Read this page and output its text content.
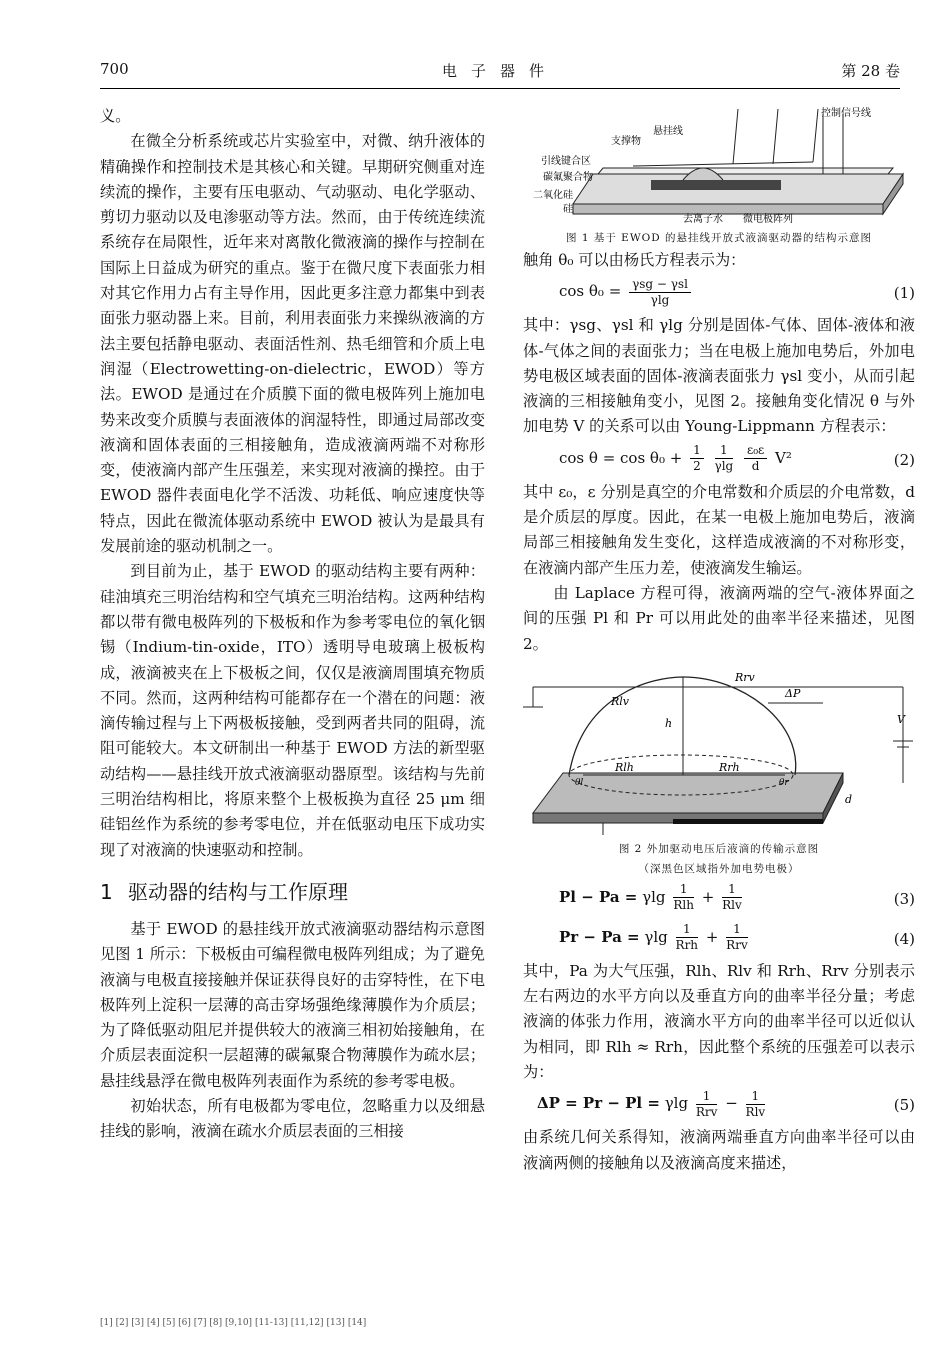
700	电子器件	第 28 卷

义。

在微全分析系统或芯片实验室中，对微、纳升液体的精确操作和控制技术是其核心和关键。早期研究侧重对连续流的操作，主要有压电驱动、气动驱动、电化学驱动、剪切力驱动以及电渗驱动等方法。然而，由于传统连续流系统存在局限性，近年来对离散化微液滴的操作与控制在国际上日益成为研究的重点。鉴于在微尺度下表面张力相对其它作用力占有主导作用，因此更多注意力都集中到表面张力驱动器上来。目前，利用表面张力来操纵液滴的方法主要包括静电驱动、表面活性剂、热毛细管和介质上电润湿（Electrowetting-on-dielectric，EWOD）等方法。EWOD 是通过在介质膜下面的微电极阵列上施加电势来改变介质膜与表面液体的润湿特性，即通过局部改变液滴和固体表面的三相接触角，造成液滴两端不对称形变，使液滴内部产生压强差，来实现对液滴的操控。由于 EWOD 器件表面电化学不活泼、功耗低、响应速度快等特点，因此在微流体驱动系统中 EWOD 被认为是最具有发展前途的驱动机制之一。

到目前为止，基于 EWOD 的驱动结构主要有两种：硅油填充三明治结构和空气填充三明治结构。这两种结构都以带有微电极阵列的下极板和作为参考零电位的氧化铟锡（Indium-tin-oxide，ITO）透明导电玻璃上极板构成，液滴被夹在上下极板之间，仅仅是液滴周围填充物质不同。然而，这两种结构可能都存在一个潜在的问题：液滴传输过程与上下两极板接触，受到两者共同的阻碍，流阻可能较大。本文研制出一种基于 EWOD 方法的新型驱动结构——悬挂线开放式液滴驱动器原型。该结构与先前三明治结构相比，将原来整个上极板换为直径 25 μm 细硅铝丝作为系统的参考零电位，并在低驱动电压下成功实现了对液滴的快速驱动和控制。

1 驱动器的结构与工作原理

基于 EWOD 的悬挂线开放式液滴驱动器结构示意图见图 1 所示：下极板由可编程微电极阵列组成；为了避免液滴与电极直接接触并保证获得良好的击穿特性，在下电极阵列上淀积一层薄的高击穿场强绝缘薄膜作为介质层；为了降低驱动阻尼并提供较大的液滴三相初始接触角，在介质层表面淀积一层超薄的碳氟聚合物薄膜作为疏水层；悬挂线悬浮在微电极阵列表面作为系统的参考零电极。

初始状态，所有电极都为零电位，忽略重力以及细悬挂线的影响，液滴在疏水介质层表面的三相接

控制信号线
支撑物
悬挂线
引线键合区
碳氟聚合物
二氧化硅
硅
去离子水 微电极阵列
图 1 基于 EWOD 的悬挂线开放式液滴驱动器的结构示意图

触角 θ₀ 可以由杨氏方程表示为：

$\cos \theta_0 = \frac{\text{γsg − γsl}}{\gamma\lg}$	(1)

其中：γsg、γsl 和 γlg 分别是固体-气体、固体-液体和液体-气体之间的表面张力；当在电极上施加电势后，外加电势电极区域表面的固体-液滴表面张力 γsl 变小，从而引起液滴的三相接触角变小，见图 2。接触角变化情况 θ 与外加电势 V 的关系可以由 Young-Lippmann 方程表示：

$\cos \theta = \cos \theta_0 + \frac{1}{2}$
$\frac{1}{\gamma\lg}$
$\frac{\text{ε₀ε}}{d} V^2$	(2)

其中 ε₀，ε 分别是真空的介电常数和介质层的介电常数，d 是介质层的厚度。因此，在某一电极上施加电势后，液滴局部三相接触角发生变化，这样造成液滴的不对称形变，在液滴内部产生压力差，使液滴发生输运。

由 Laplace 方程可得，液滴两端的空气-液体界面之间的压强 Pl 和 Pr 可以用此处的曲率半径来描述，见图 2。

Rlv
Rrv
Rlh	Rrh
h
ΔP
V
d
θl	θr
图 2 外加驱动电压后液滴的传输示意图
（深黑色区域指外加电势电极）
Pl − Pa = γlg $\frac{1}{\text{Rlh}} + \frac{1}{\text{Rlv}}$	(3)
Pr − Pa = γlg $\frac{1}{\text{Rrh}} + \frac{1}{\text{Rrv}}$	(4)

其中，Pa 为大气压强，Rlh、Rlv 和 Rrh、Rrv 分别表示左右两边的水平方向以及垂直方向的曲率半径分量；考虑液滴的体张力作用，液滴水平方向的曲率半径可以近似认为相同，即 Rlh ≈ Rrh，因此整个系统的压强差可以表示为：

ΔP = Pr − Pl = γlg $\frac{1}{\text{Rrv}} - \frac{1}{\text{Rlv}}$	(5)

由系统几何关系得知，液滴两端垂直方向曲率半径可以由液滴两侧的接触角以及液滴高度来描述，

[1] [2] [3] [4] [5] [6] [7] [8] [9,10] [11-13] [11,12] [13] [14]
